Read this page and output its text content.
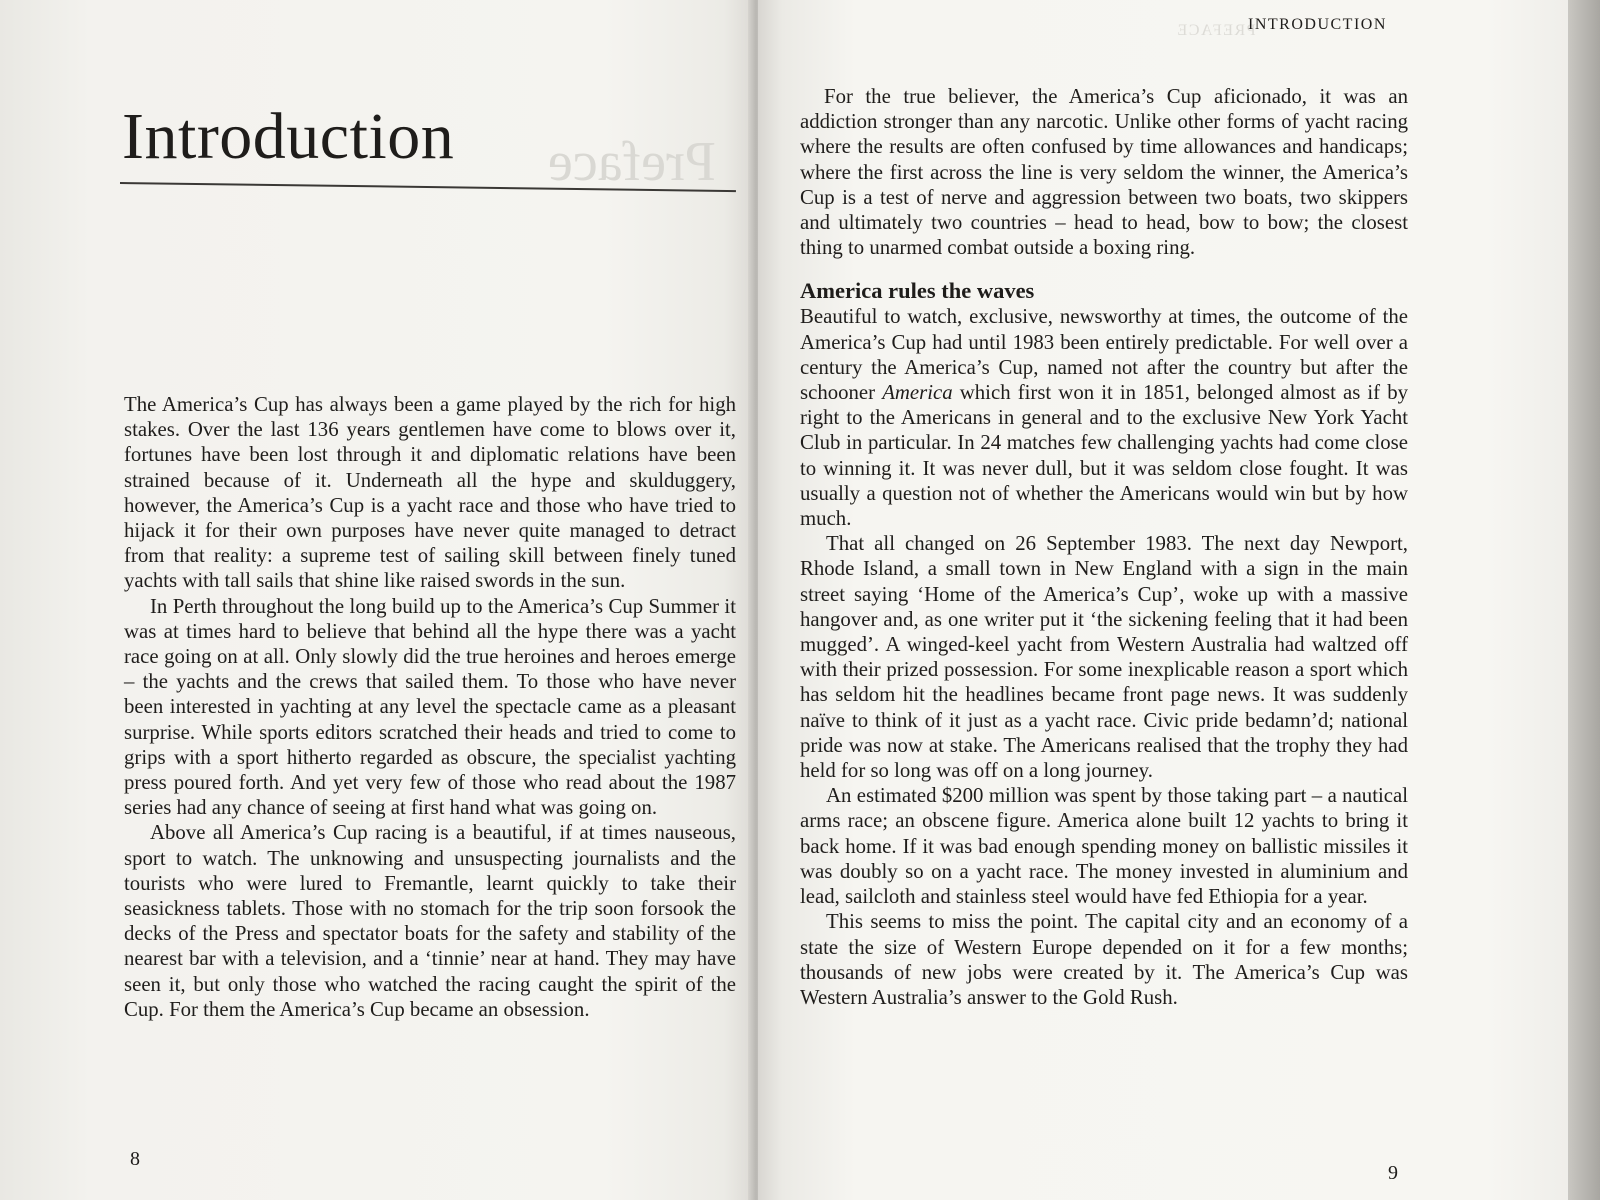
Preface
Introduction

The America’s Cup has always been a game played by the rich for high stakes. Over the last 136 years gentlemen have come to blows over it, fortunes have been lost through it and diplomatic relations have been strained because of it. Underneath all the hype and skulduggery, however, the America’s Cup is a yacht race and those who have tried to hijack it for their own purposes have never quite managed to detract from that reality: a supreme test of sailing skill between finely tuned yachts with tall sails that shine like raised swords in the sun.

In Perth throughout the long build up to the America’s Cup Summer it was at times hard to believe that behind all the hype there was a yacht race going on at all. Only slowly did the true heroines and heroes emerge – the yachts and the crews that sailed them. To those who have never been interested in yachting at any level the spectacle came as a pleasant surprise. While sports editors scratched their heads and tried to come to grips with a sport hitherto regarded as obscure, the specialist yachting press poured forth. And yet very few of those who read about the 1987 series had any chance of seeing at first hand what was going on.

Above all America’s Cup racing is a beautiful, if at times nauseous, sport to watch. The unknowing and unsuspecting journalists and the tourists who were lured to Fremantle, learnt quickly to take their seasickness tablets. Those with no stomach for the trip soon forsook the decks of the Press and spectator boats for the safety and stability of the nearest bar with a television, and a ‘tinnie’ near at hand. They may have seen it, but only those who watched the racing caught the spirit of the Cup. For them the America’s Cup became an obsession.

8
PREFACE
INTRODUCTION

For the true believer, the America’s Cup aficionado, it was an addiction stronger than any narcotic. Unlike other forms of yacht racing where the results are often confused by time allowances and handicaps; where the first across the line is very seldom the winner, the America’s Cup is a test of nerve and aggression between two boats, two skippers and ultimately two countries – head to head, bow to bow; the closest thing to unarmed combat outside a boxing ring.

America rules the waves

Beautiful to watch, exclusive, newsworthy at times, the outcome of the America’s Cup had until 1983 been entirely predictable. For well over a century the America’s Cup, named not after the country but after the schooner America which first won it in 1851, belonged almost as if by right to the Americans in general and to the exclusive New York Yacht Club in particular. In 24 matches few challenging yachts had come close to winning it. It was never dull, but it was seldom close fought. It was usually a question not of whether the Americans would win but by how much.

That all changed on 26 September 1983. The next day Newport, Rhode Island, a small town in New England with a sign in the main street saying ‘Home of the America’s Cup’, woke up with a massive hangover and, as one writer put it ‘the sickening feeling that it had been mugged’. A winged-keel yacht from Western Australia had waltzed off with their prized possession. For some inexplicable reason a sport which has seldom hit the headlines became front page news. It was suddenly naïve to think of it just as a yacht race. Civic pride bedamn’d; national pride was now at stake. The Americans realised that the trophy they had held for so long was off on a long journey.

An estimated $200 million was spent by those taking part – a nautical arms race; an obscene figure. America alone built 12 yachts to bring it back home. If it was bad enough spending money on ballistic missiles it was doubly so on a yacht race. The money invested in aluminium and lead, sailcloth and stainless steel would have fed Ethiopia for a year.

This seems to miss the point. The capital city and an economy of a state the size of Western Europe depended on it for a few months; thousands of new jobs were created by it. The America’s Cup was Western Australia’s answer to the Gold Rush.

9
